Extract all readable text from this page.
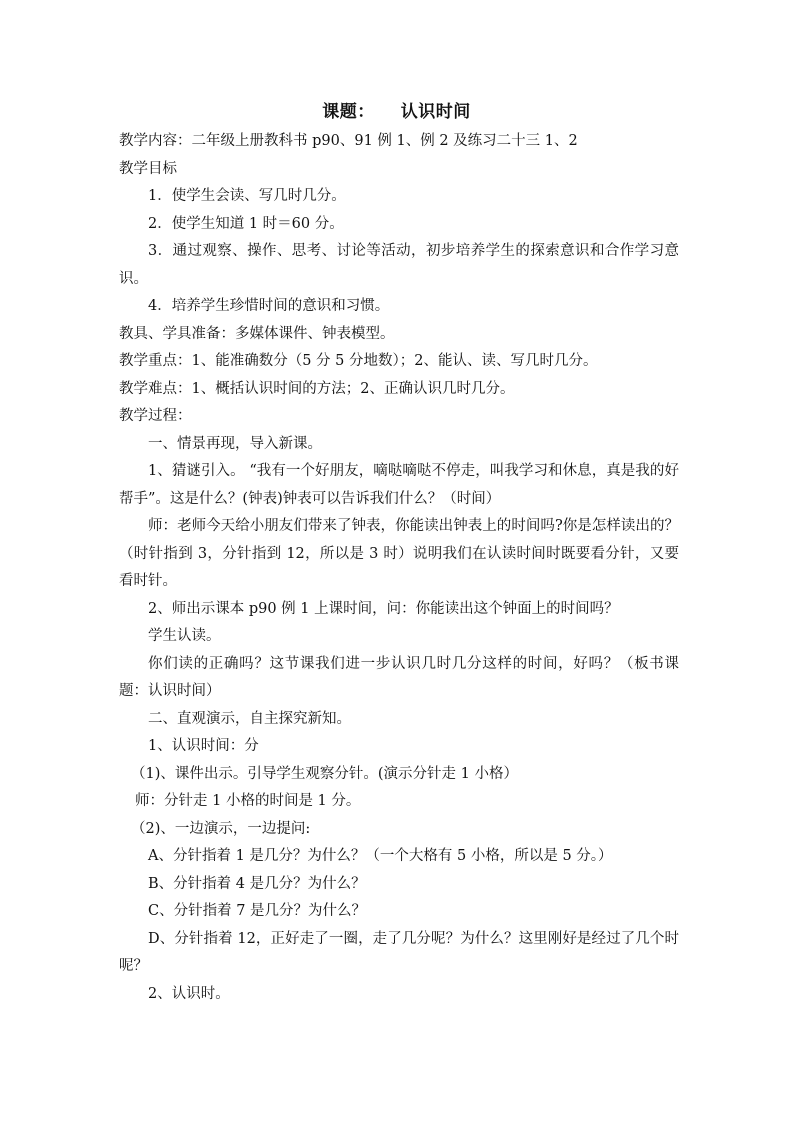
课题： 认识时间

教学内容：二年级上册教科书 p90、91 例 1、例 2 及练习二十三 1、2

教学目标

1．使学生会读、写几时几分。

2．使学生知道 1 时＝60 分。

3．通过观察、操作、思考、讨论等活动，初步培养学生的探索意识和合作学习意识。

4．培养学生珍惜时间的意识和习惯。

教具、学具准备：多媒体课件、钟表模型。

教学重点：1、能准确数分（5 分 5 分地数）；2、能认、读、写几时几分。

教学难点：1、概括认识时间的方法；2、正确认识几时几分。

教学过程：

一、情景再现，导入新课。

1、猜谜引入。 “我有一个好朋友，嘀哒嘀哒不停走，叫我学习和休息，真是我的好帮手”。这是什么？(钟表)钟表可以告诉我们什么？（时间）

师：老师今天给小朋友们带来了钟表，你能读出钟表上的时间吗?你是怎样读出的？（时针指到 3，分针指到 12，所以是 3 时）说明我们在认读时间时既要看分针，又要看时针。

2、师出示课本 p90 例 1 上课时间，问：你能读出这个钟面上的时间吗？

学生认读。

你们读的正确吗？这节课我们进一步认识几时几分这样的时间，好吗？（板书课题：认识时间）

二、直观演示，自主探究新知。

1、认识时间：分

（1)、课件出示。引导学生观察分针。(演示分针走 1 小格）

师：分针走 1 小格的时间是 1 分。

（2)、一边演示，一边提问:

A、分针指着 1 是几分？为什么？（一个大格有 5 小格，所以是 5 分。）

B、分针指着 4 是几分？为什么？

C、分针指着 7 是几分？为什么？

D、分针指着 12，正好走了一圈，走了几分呢？为什么？这里刚好是经过了几个时呢？

2、认识时。
